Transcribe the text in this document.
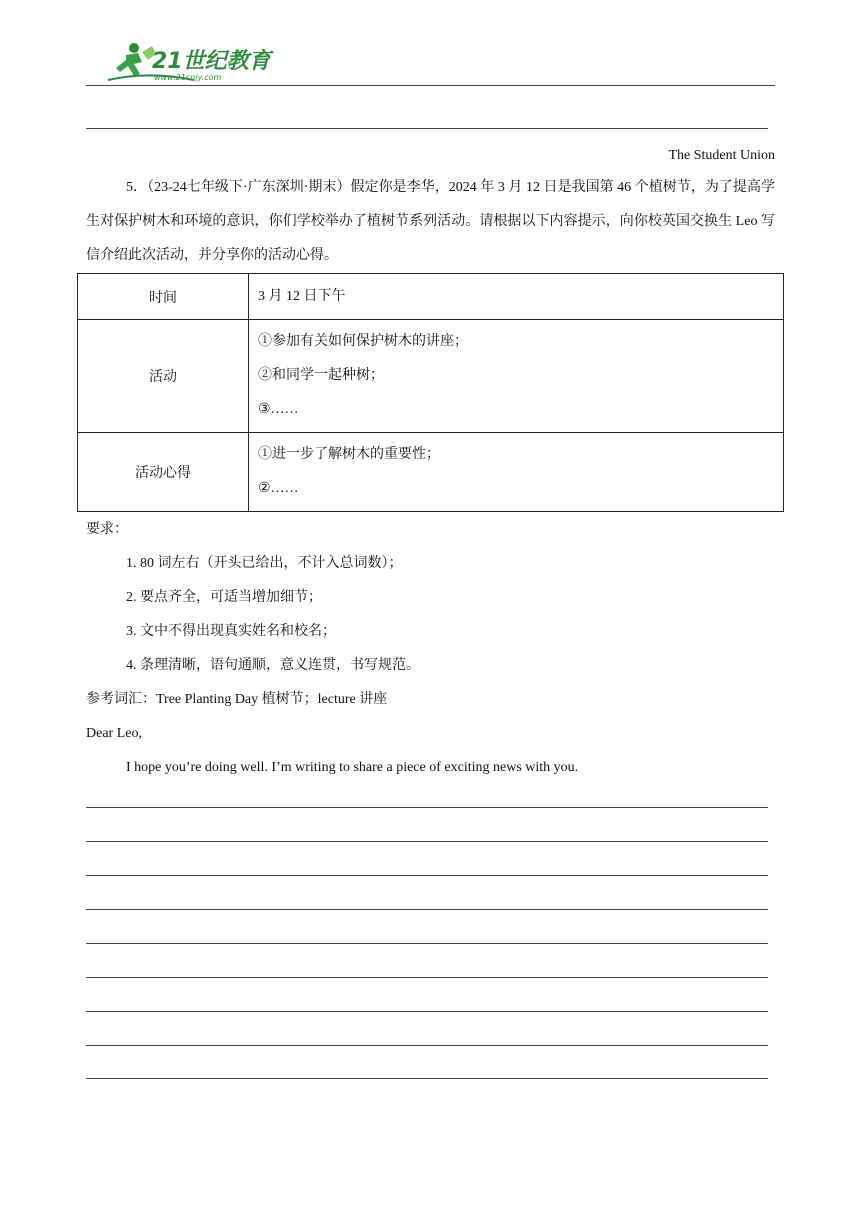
21世纪教育
www.21cnjy.com
The Student Union
5．（23-24七年级下·广东深圳·期末）假定你是李华，2024 年 3 月 12 日是我国第 46 个植树节，为了提高学生对保护树木和环境的意识，你们学校举办了植树节系列活动。请根据以下内容提示，向你校英国交换生 Leo 写信介绍此次活动，并分享你的活动心得。
时间	3 月 12 日下午

活动	①参加有关如何保护树木的讲座；
②和同学一起种树；
③……

活动心得	①进一步了解树木的重要性；
②……
要求：
1. 80 词左右（开头已给出，不计入总词数）；
2. 要点齐全，可适当增加细节；
3. 文中不得出现真实姓名和校名；
4. 条理清晰，语句通顺，意义连贯，书写规范。
参考词汇：Tree Planting Day 植树节；lecture 讲座
Dear Leo,
I hope you’re doing well. I’m writing to share a piece of exciting news with you.
